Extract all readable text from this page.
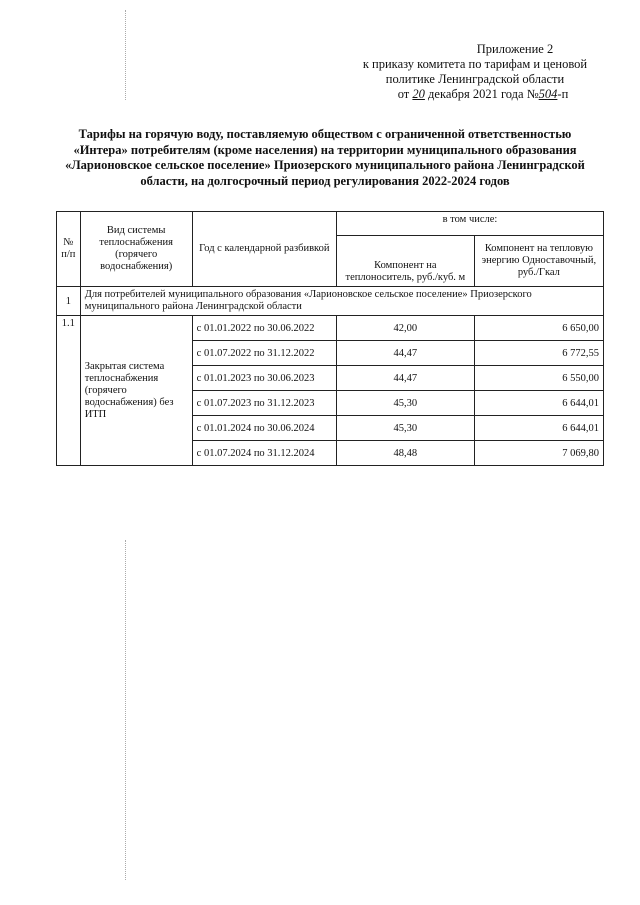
Приложение 2
к приказу комитета по тарифам и ценовой
политике Ленинградской области
от 20 декабря 2021 года №504-п
Тарифы на горячую воду, поставляемую обществом с ограниченной ответственностью «Интера» потребителям (кроме населения) на территории муниципального образования «Ларионовское сельское поселение» Приозерского муниципального района Ленинградской области, на долгосрочный период регулирования 2022-2024 годов
№ п/п	Вид системы теплоснабжения (горячего водоснабжения)	Год с календарной разбивкой	в том числе:	
			Компонент на теплоноситель, руб./куб. м	Компонент на тепловую энергию Одноставочный, руб./Гкал
1	Для потребителей муниципального образования «Ларионовское сельское поселение» Приозерского муниципального района Ленинградской области			
1.1	Закрытая система теплоснабжения (горячего водоснабжения) без ИТП	с 01.01.2022 по 30.06.2022	42,00	6 650,00
		с 01.07.2022 по 31.12.2022	44,47	6 772,55
		с 01.01.2023 по 30.06.2023	44,47	6 550,00
		с 01.07.2023 по 31.12.2023	45,30	6 644,01
		с 01.01.2024 по 30.06.2024	45,30	6 644,01
		с 01.07.2024 по 31.12.2024	48,48	7 069,80
